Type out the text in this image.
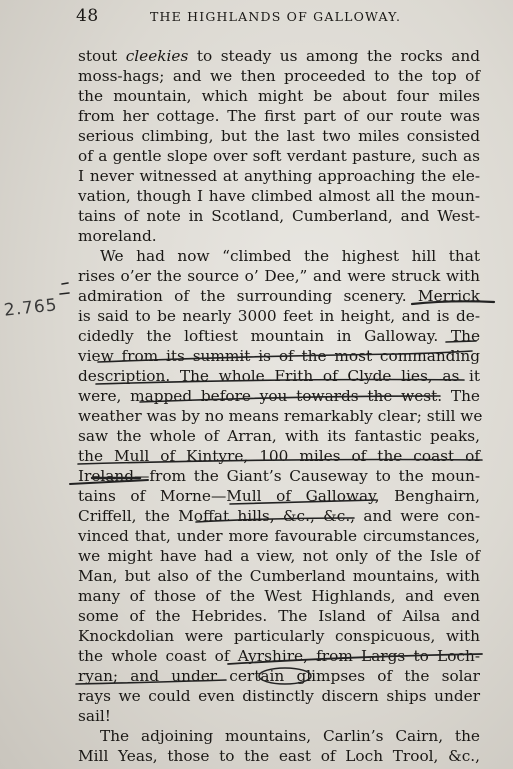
48	THE HIGHLANDS OF GALLOWAY.

2.765
stout cleekies to steady us among the rocks and
moss-hags; and we then proceeded to the top of
the mountain, which might be about four miles
from her cottage. The first part of our route was
serious climbing, but the last two miles consisted
of a gentle slope over soft verdant pasture, such as
I never witnessed at anything approaching the ele-
vation, though I have climbed almost all the moun-
tains of note in Scotland, Cumberland, and West-
moreland.
We had now “climbed the highest hill that
rises o’er the source o’ Dee,” and were struck with
admiration of the surrounding scenery. Merrick
is said to be nearly 3000 feet in height, and is de-
cidedly the loftiest mountain in Galloway. The
view from its summit is of the most commanding
description. The whole Frith of Clyde lies, as it
were, mapped before you towards the west. The
weather was by no means remarkably clear; still we
saw the whole of Arran, with its fantastic peaks,
the Mull of Kintyre, 100 miles of the coast of
Ireland—from the Giant’s Causeway to the moun-
tains of Morne—Mull of Galloway, Benghairn,
Criffell, the Moffat hills, &c., &c., and were con-
vinced that, under more favourable circumstances,
we might have had a view, not only of the Isle of
Man, but also of the Cumberland mountains, with
many of those of the West Highlands, and even
some of the Hebrides. The Island of Ailsa and
Knockdolian were particularly conspicuous, with
the whole coast of Ayrshire, from Largs to Loch-
ryan; and under certain glimpses of the solar
rays we could even distinctly discern ships under
sail!
The adjoining mountains, Carlin’s Cairn, the
Mill Yeas, those to the east of Loch Trool, &c.,
